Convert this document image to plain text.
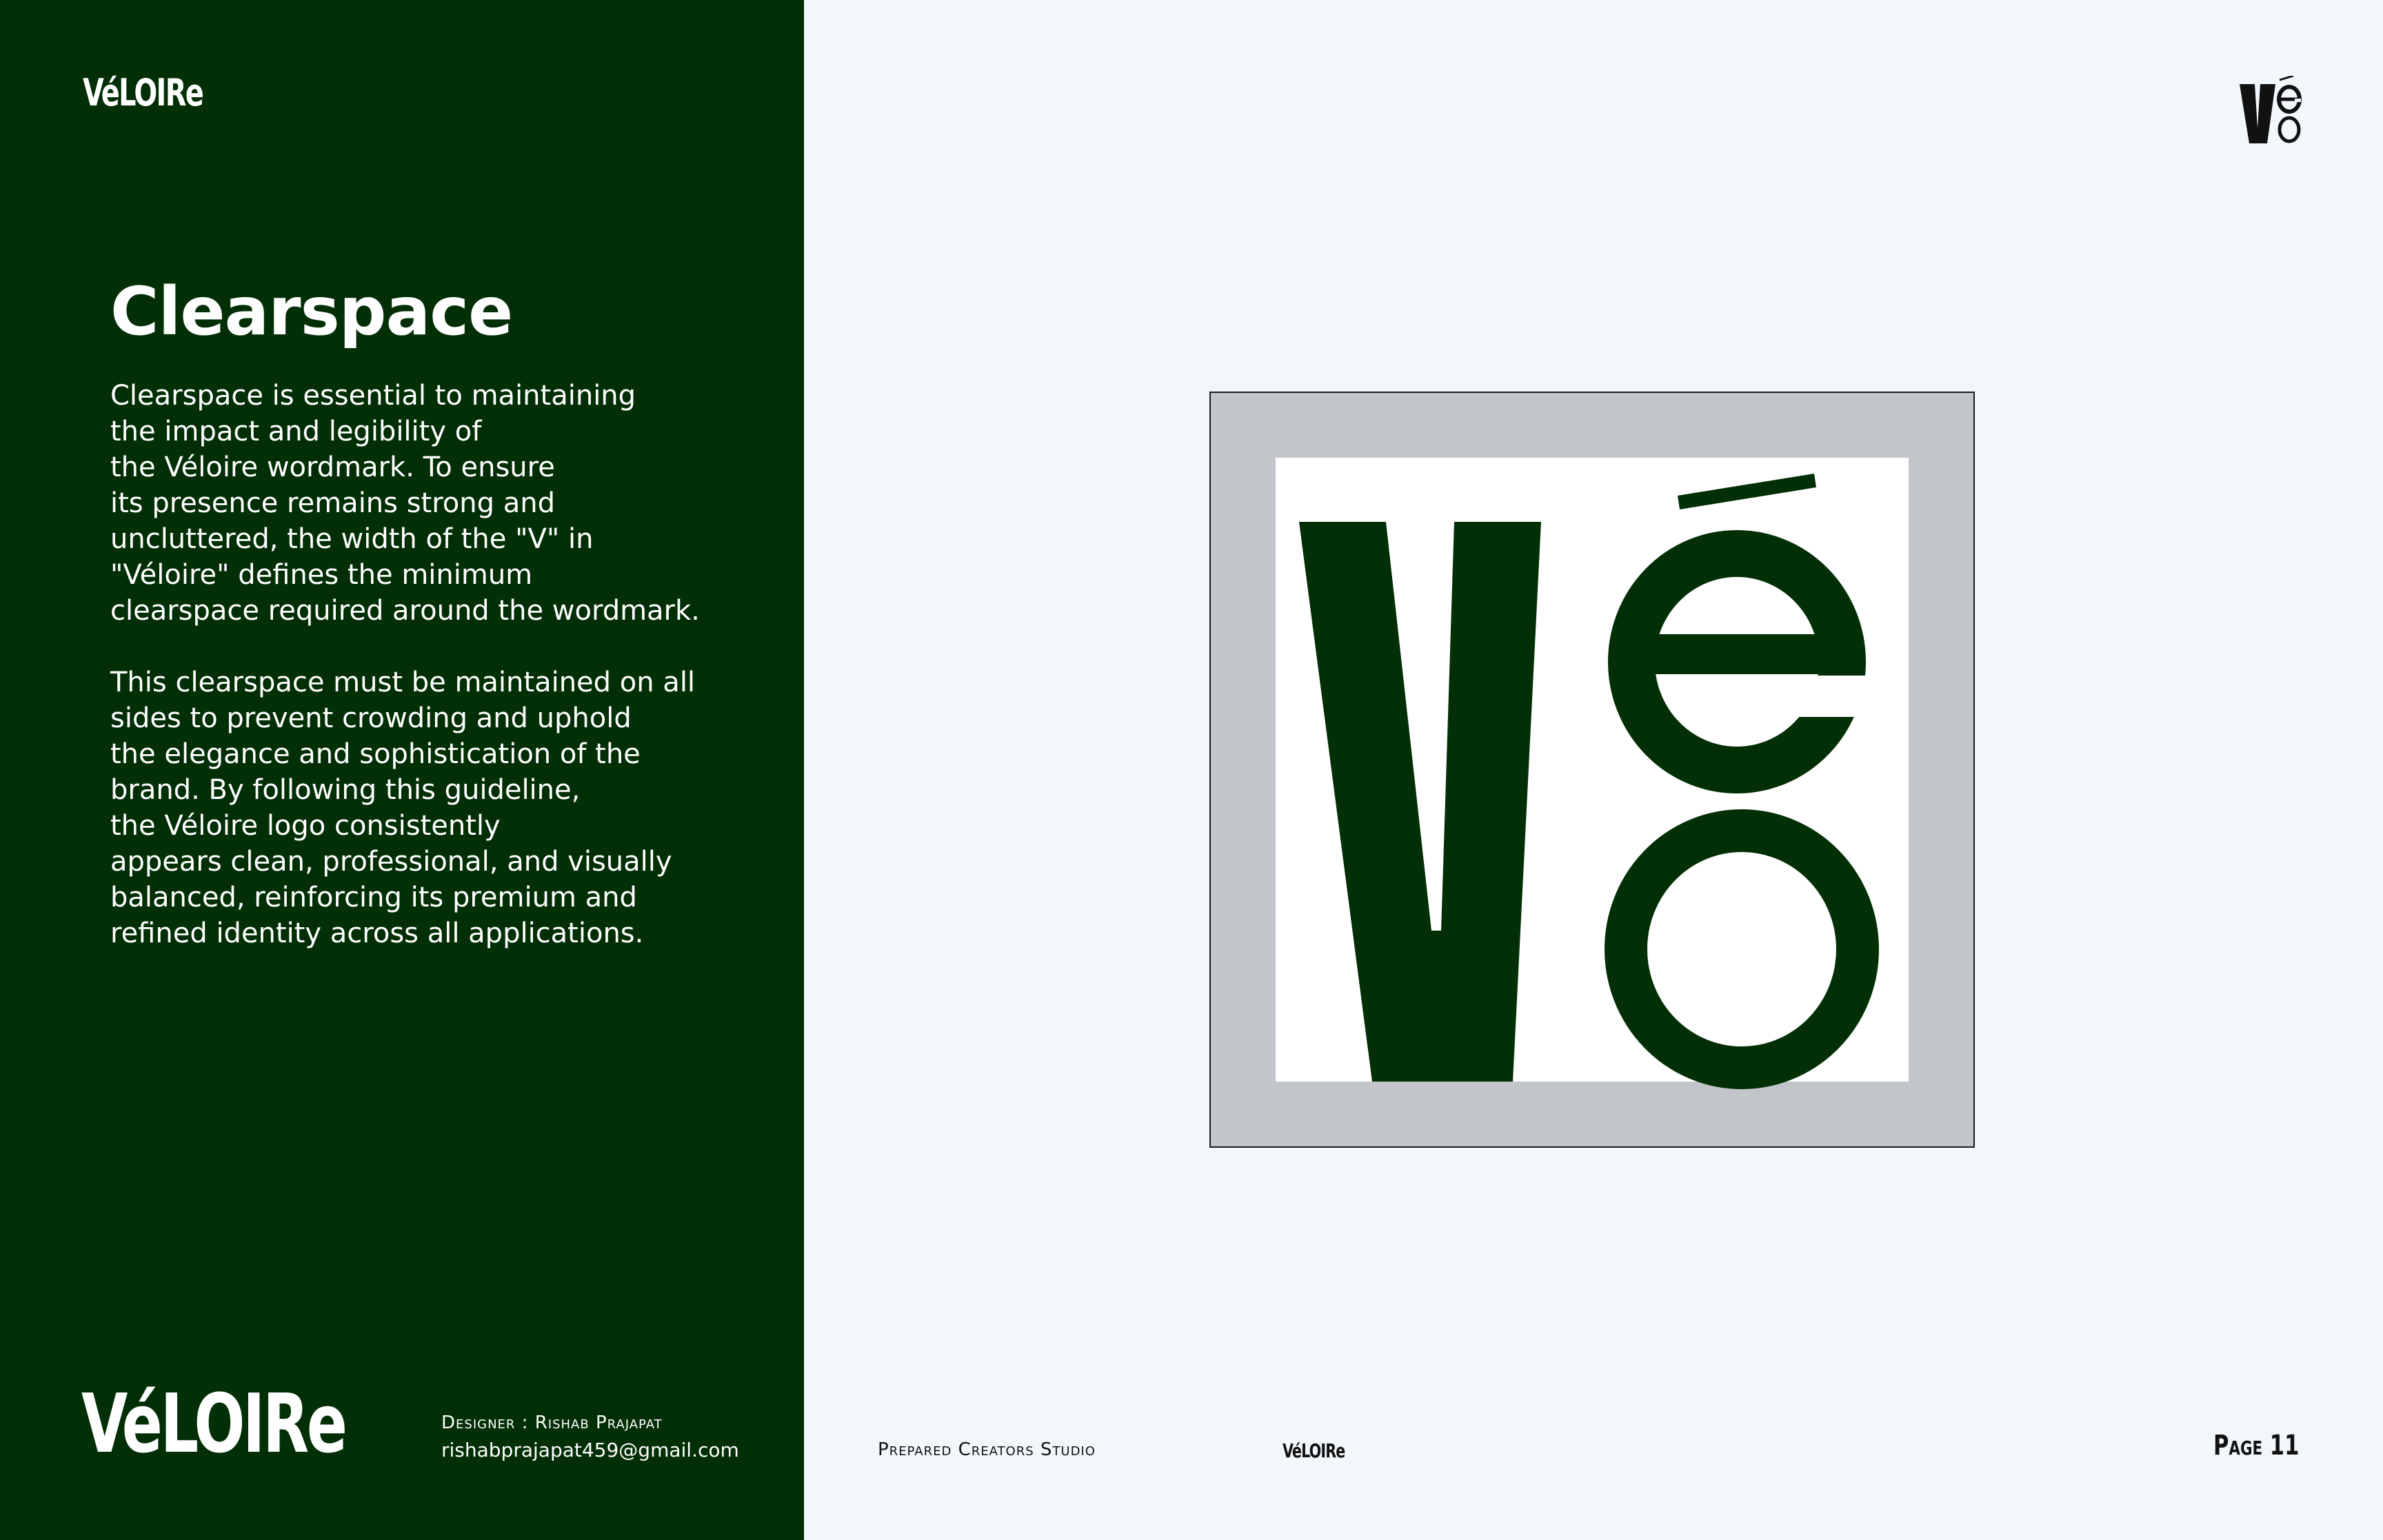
VéLOIRe
Clearspace

Clearspace is essential to maintaining
the impact and legibility of
the Véloire wordmark. To ensure
its presence remains strong and
uncluttered, the width of the "V" in
"Véloire" defines the minimum
clearspace required around the wordmark.

This clearspace must be maintained on all
sides to prevent crowding and uphold
the elegance and sophistication of the
brand. By following this guideline,
the Véloire logo consistently
appears clean, professional, and visually
balanced, reinforcing its premium and
refined identity across all applications.

VéLOIRe	Designer : Rishab Prajapat
rishabprajapat459@gmail.com	Prepared Creators Studio	VéLOIRe	Page 11
